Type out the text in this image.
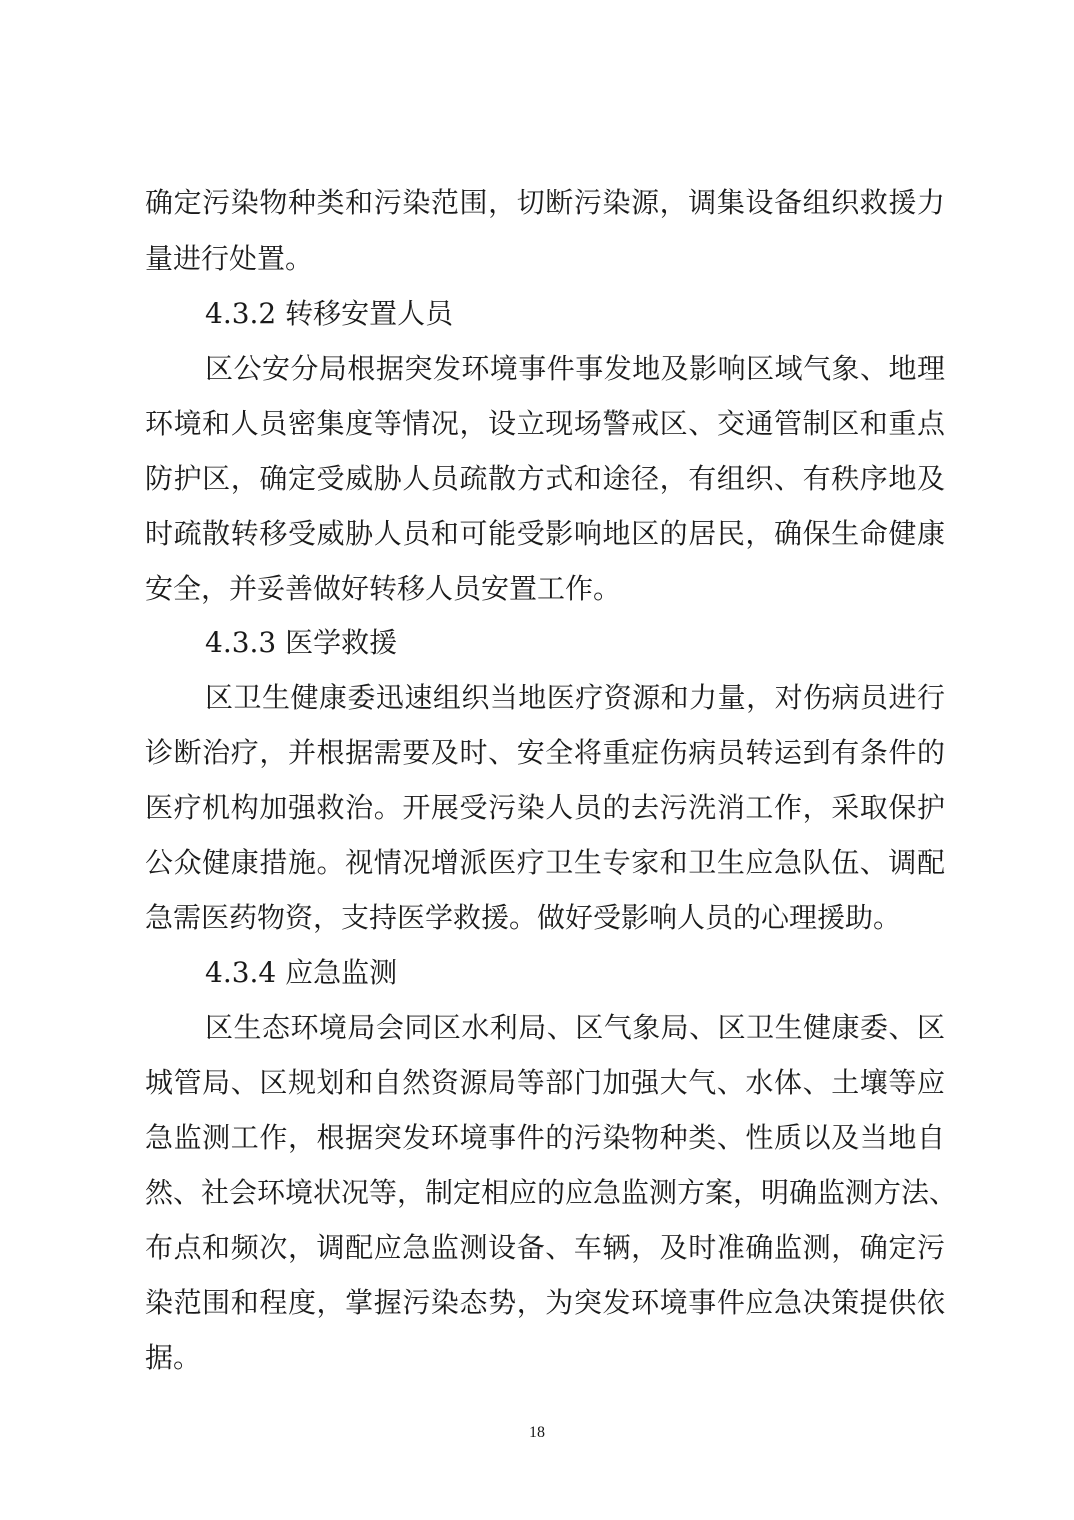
确定污染物种类和污染范围，切断污染源，调集设备组织救援力
量进行处置。
4.3.2 转移安置人员
区公安分局根据突发环境事件事发地及影响区域气象、地理
环境和人员密集度等情况，设立现场警戒区、交通管制区和重点
防护区，确定受威胁人员疏散方式和途径，有组织、有秩序地及
时疏散转移受威胁人员和可能受影响地区的居民，确保生命健康
安全，并妥善做好转移人员安置工作。
4.3.3 医学救援
区卫生健康委迅速组织当地医疗资源和力量，对伤病员进行
诊断治疗，并根据需要及时、安全将重症伤病员转运到有条件的
医疗机构加强救治。开展受污染人员的去污洗消工作，采取保护
公众健康措施。视情况增派医疗卫生专家和卫生应急队伍、调配
急需医药物资，支持医学救援。做好受影响人员的心理援助。
4.3.4 应急监测
区生态环境局会同区水利局、区气象局、区卫生健康委、区
城管局、区规划和自然资源局等部门加强大气、水体、土壤等应
急监测工作，根据突发环境事件的污染物种类、性质以及当地自
然、社会环境状况等，制定相应的应急监测方案，明确监测方法、
布点和频次，调配应急监测设备、车辆，及时准确监测，确定污
染范围和程度，掌握污染态势，为突发环境事件应急决策提供依
据。
18
